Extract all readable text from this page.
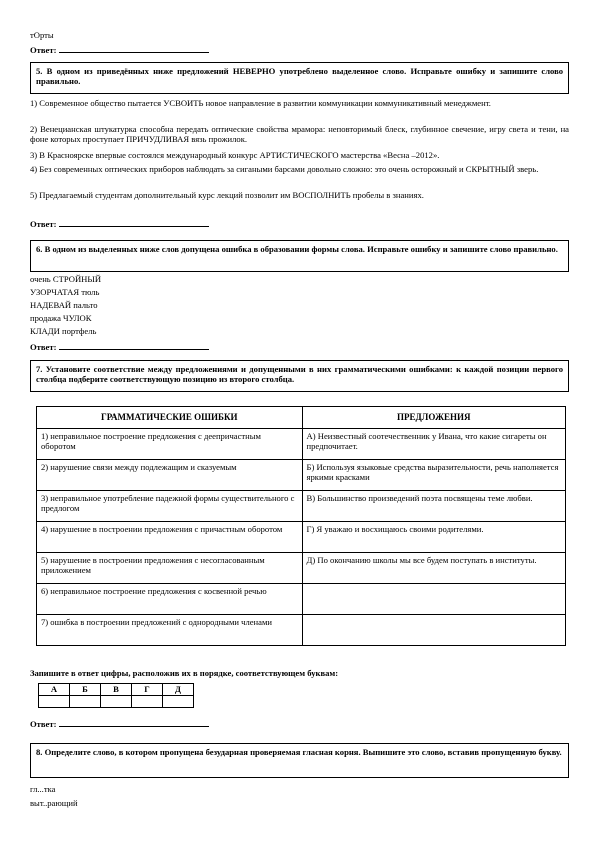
тОрты
Ответ:
5. В одном из приведённых ниже предложений НЕВЕРНО употреблено выделенное слово. Исправьте ошибку и запишите слово правильно.
1) Современное общество пытается УСВОИТЬ новое направление в развитии коммуникации коммуникативный менеджмент.
2) Венецианская штукатурка способна передать оптические свойства мрамора: неповторимый блеск, глубинное свечение, игру света и тени, на фоне которых проступает ПРИЧУДЛИВАЯ вязь прожилок.
3) В Красноярске впервые состоялся международный конкурс АРТИСТИЧЕСКОГО мастерства «Весна –2012».
4) Без современных оптических приборов наблюдать за сигаными барсами довольно сложно: это очень осторожный и СКРЫТНЫЙ зверь.
5) Предлагаемый студентам дополнительный курс лекций позволит им ВОСПОЛНИТЬ пробелы в знаниях.
Ответ:
6. В одном из выделенных ниже слов допущена ошибка в образовании формы слова. Исправьте ошибку и запишите слово правильно.
очень СТРОЙНЫЙ
УЗОРЧАТАЯ тюль
НАДЕВАЙ пальто
продажа ЧУЛОК
КЛАДИ портфель
Ответ:
7. Установите соответствие между предложениями и допущенными в них грамматическими ошибками: к каждой позиции первого столбца подберите соответствующую позицию из второго столбца.
ГРАММАТИЧЕСКИЕ ОШИБКИ	ПРЕДЛОЖЕНИЯ
1) неправильное построение предложения с деепричастным оборотом	А) Неизвестный соотечественник у Ивана, что какие сигареты он предпочитает.
2) нарушение связи между подлежащим и сказуемым	Б) Используя языковые средства выразительности, речь наполняется яркими красками
3) неправильное употребление падежной формы существительного с предлогом	В) Большинство произведений поэта посвящены теме любви.
4) нарушение в построении предложения с причастным оборотом	Г) Я уважаю и восхищаюсь своими родителями.
5) нарушение в построении предложения с несогласованным приложением	Д) По окончанию школы мы все будем поступать в институты.
6) неправильное построение предложения с косвенной речью	
7) ошибка в построении предложений с однородными членами	
Запишите в ответ цифры, расположив их в порядке, соответствующем буквам:
А	Б	В	Г	Д

Ответ:
8. Определите слово, в котором пропущена безударная проверяемая гласная корня. Выпишите это слово, вставив пропущенную букву.
гл...тка
выт..рающий
